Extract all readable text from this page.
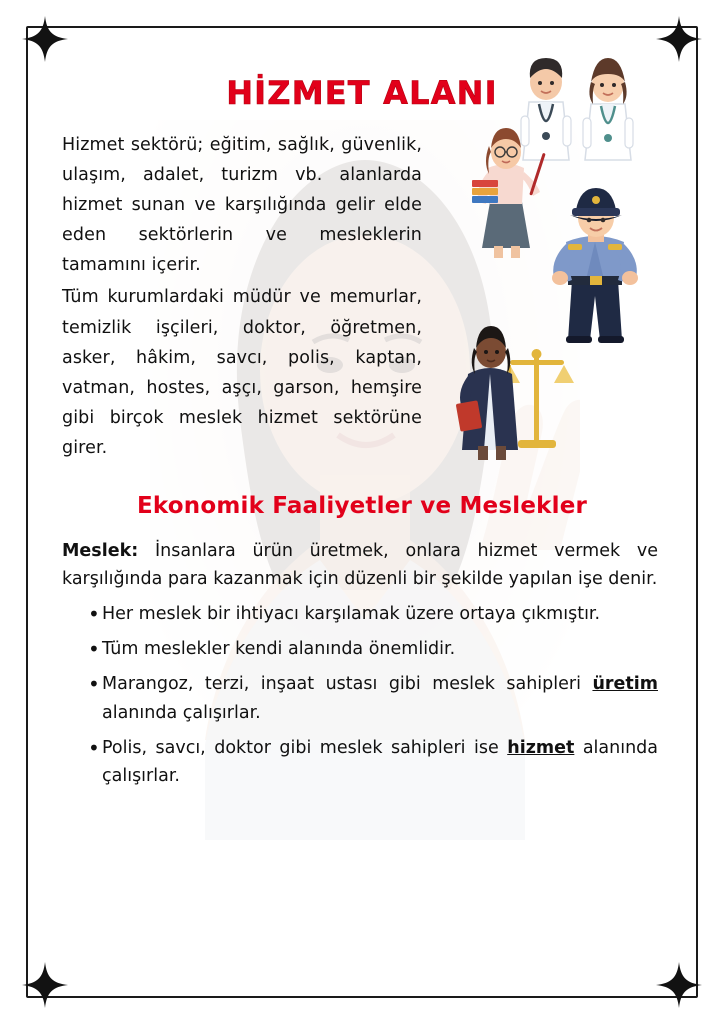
HİZMET ALANI

Hizmet sektörü; eğitim, sağlık, güvenlik, ulaşım, adalet, turizm vb. alanlarda hizmet sunan ve karşılığında gelir elde eden sektörlerin ve mesleklerin tamamını içerir.

Tüm kurumlardaki müdür ve memurlar, temizlik işçileri, doktor, öğretmen, asker, hâkim, savcı, polis, kaptan, vatman, hostes, aşçı, garson, hemşire gibi birçok meslek hizmet sektörüne girer.

Ekonomik Faaliyetler ve Meslekler

Meslek: İnsanlara ürün üretmek, onlara hizmet vermek ve karşılığında para kazanmak için düzenli bir şekilde yapılan işe denir.

• Her meslek bir ihtiyacı karşılamak üzere ortaya çıkmıştır.
• Tüm meslekler kendi alanında önemlidir.
• Marangoz, terzi, inşaat ustası gibi meslek sahipleri üretim alanında çalışırlar.
• Polis, savcı, doktor gibi meslek sahipleri ise hizmet alanında çalışırlar.
